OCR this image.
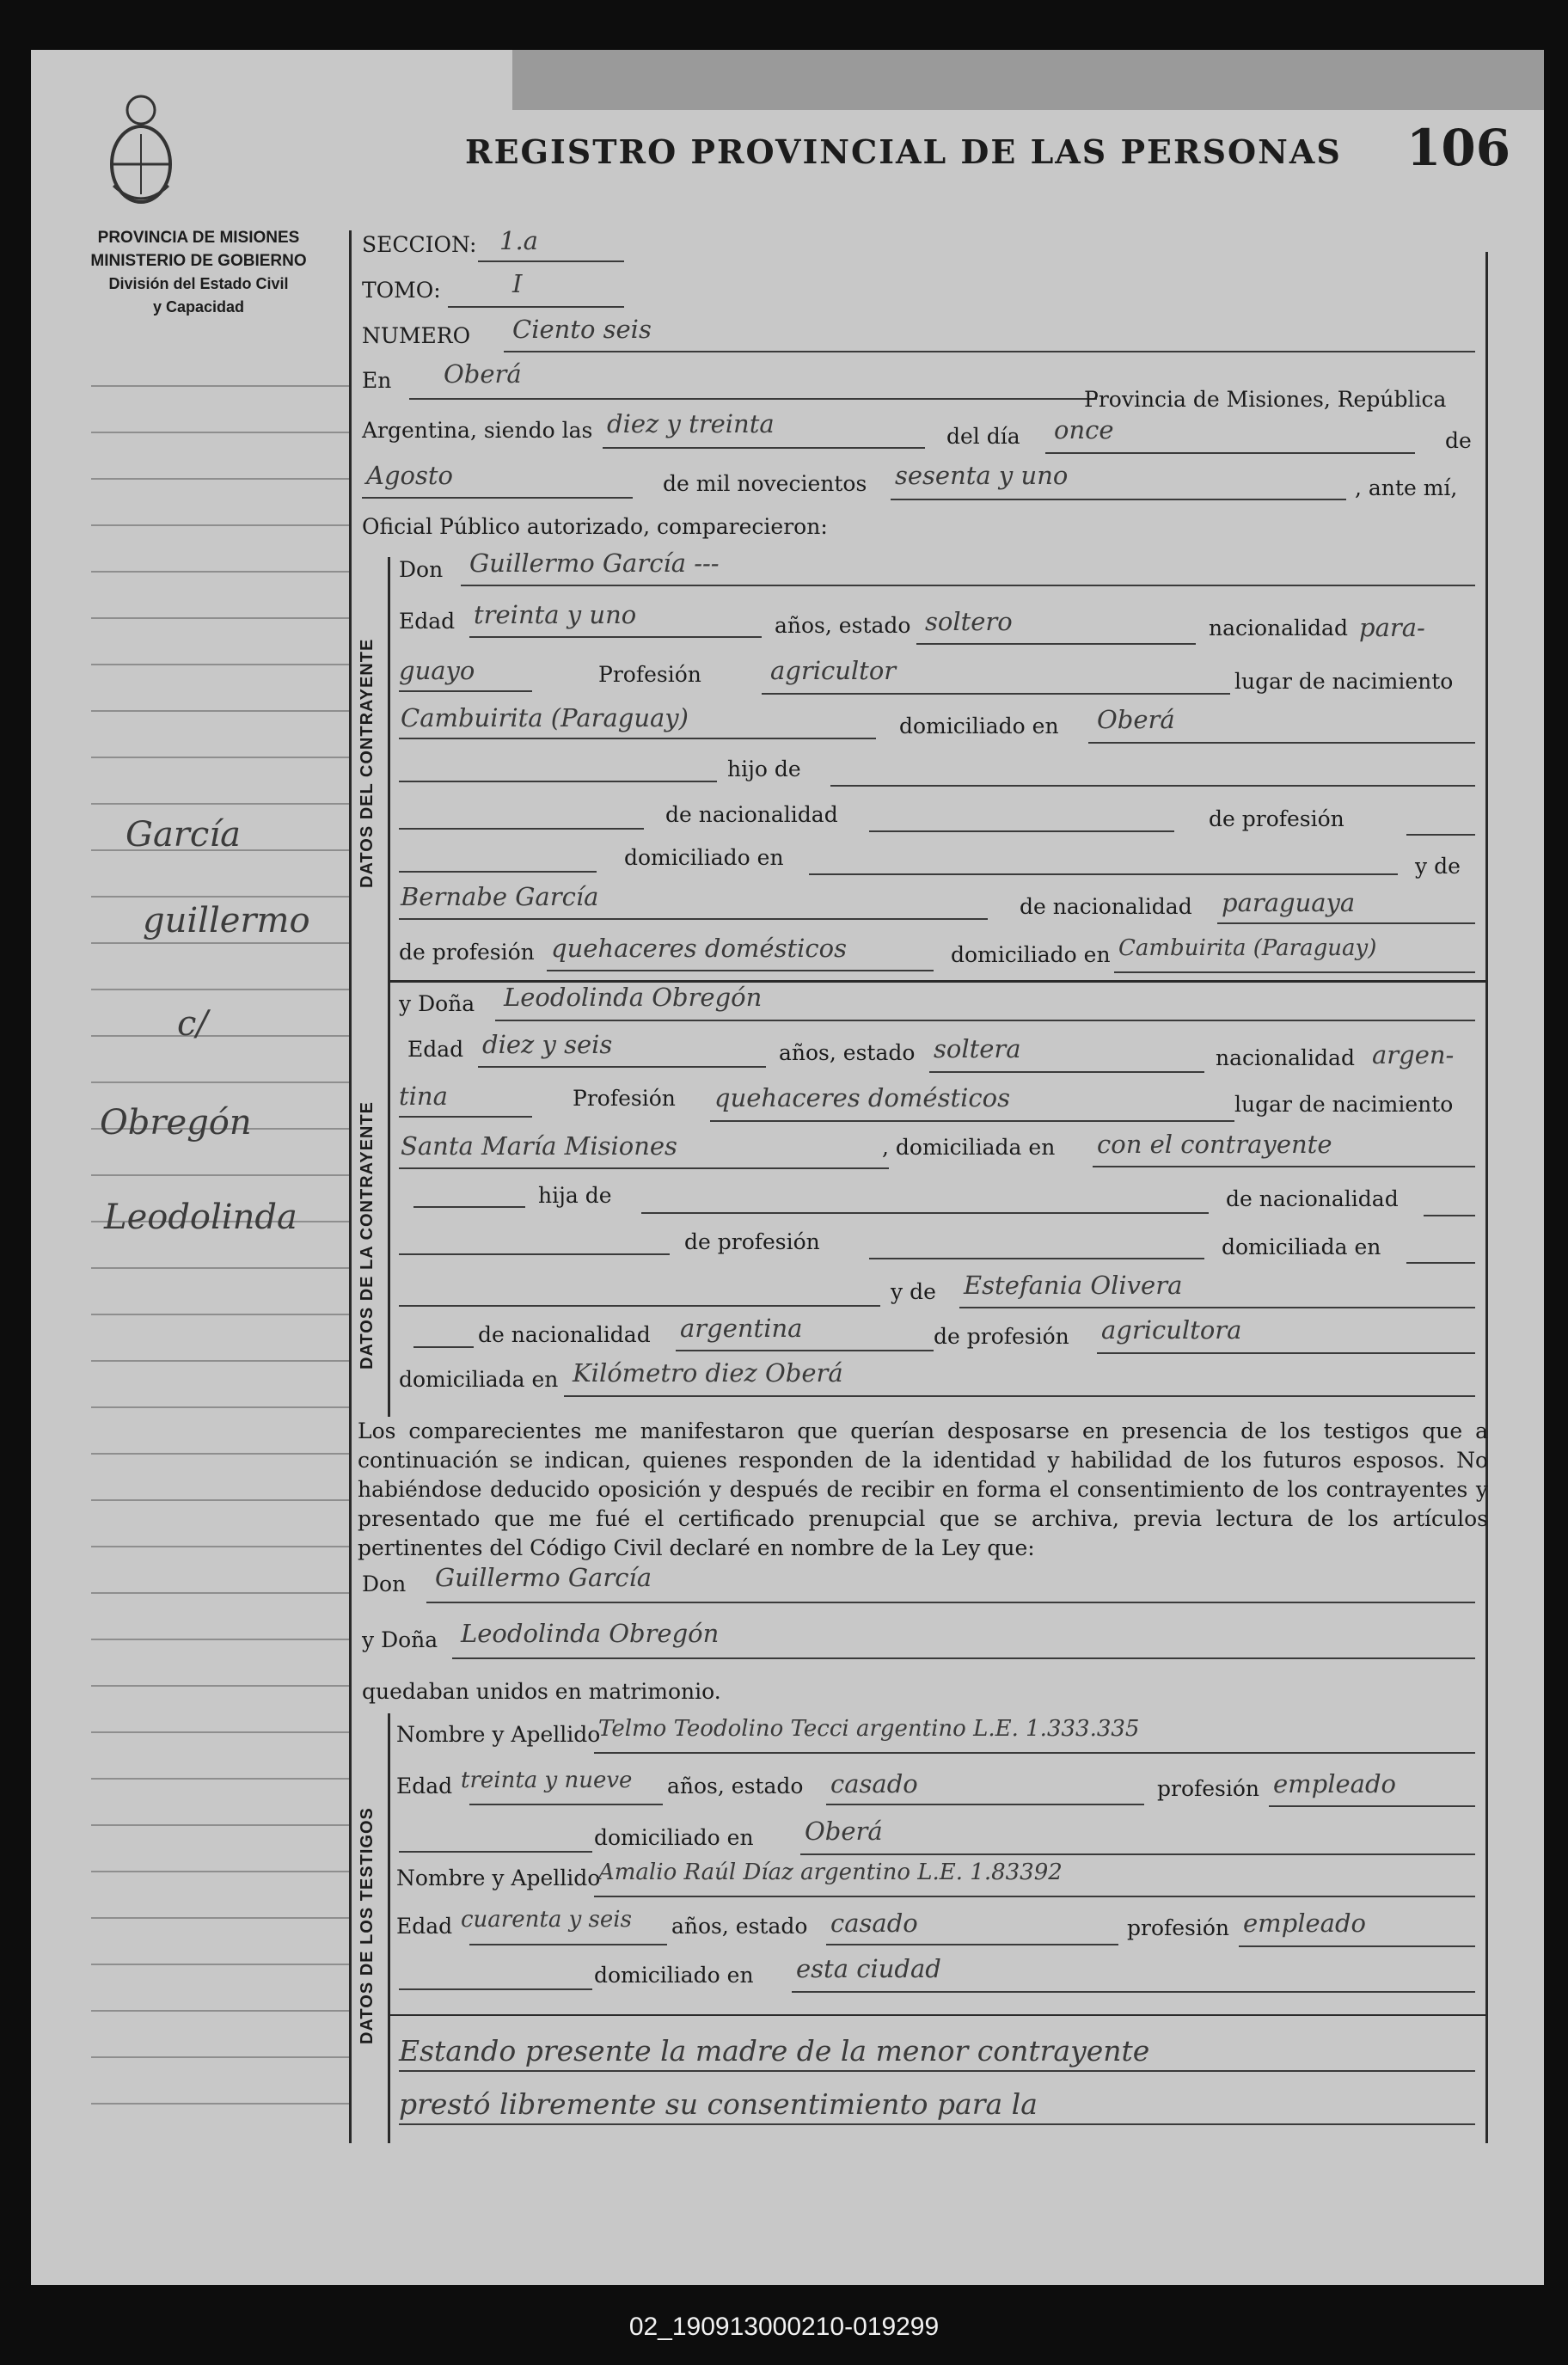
REGISTRO PROVINCIAL DE LAS PERSONAS 106
PROVINCIA DE MISIONES
MINISTERIO DE GOBIERNO
División del Estado Civil
y Capacidad
García
guillermo
c/
Obregón
Leodolinda
SECCION: 1.a
TOMO:	I
NUMERO Ciento seis
En Oberá
Provincia de Misiones, República
Argentina, siendo las diez y treinta	del día once	de
Agosto	de mil novecientos sesenta y uno	, ante mí,
Oficial Público autorizado, comparecieron:
DATOS DEL CONTRAYENTE
Don Guillermo García ---
Edad treinta y uno	años, estado soltero	nacionalidad para-
guayo	Profesión	agricultor	lugar de nacimiento
Cambuirita (Paraguay)	domiciliado en Oberá
hijo de
de nacionalidad	de profesión
domiciliado en	y de
Bernabe García	de nacionalidad paraguaya
de profesión quehaceres domésticos	domiciliado en Cambuirita (Paraguay)
DATOS DE LA CONTRAYENTE
y Doña Leodolinda Obregón
Edad diez y seis	años, estado soltera	nacionalidad argen-
tina	Profesión quehaceres domésticos	lugar de nacimiento
Santa María Misiones	, domiciliada en con el contrayente
hija de	de nacionalidad
de profesión	domiciliada en
y de Estefania Olivera
de nacionalidad argentina	de profesión agricultora
domiciliada en Kilómetro diez Oberá
Los comparecientes me manifestaron que querían desposarse en presencia de los testigos que a continuación se indican, quienes responden de la identidad y habilidad de los futuros esposos. No habiéndose deducido oposición y después de recibir en forma el consentimiento de los contrayentes y presentado que me fué el certificado prenupcial que se archiva, previa lectura de los artículos pertinentes del Código Civil declaré en nombre de la Ley que:
Don Guillermo García
y Doña Leodolinda Obregón
quedaban unidos en matrimonio.
DATOS DE LOS TESTIGOS
Nombre y Apellido
Telmo Teodolino Tecci argentino L.E. 1.333.335
Edad treinta y nueve años, estado casado	profesión empleado
domiciliado en Oberá
Nombre y Apellido
Amalio Raúl Díaz argentino L.E. 1.83392
Edad cuarenta y seis años, estado casado	profesión empleado
domiciliado en esta ciudad
Estando presente la madre de la menor contrayente
prestó libremente su consentimiento para la
02_190913000210-019299
